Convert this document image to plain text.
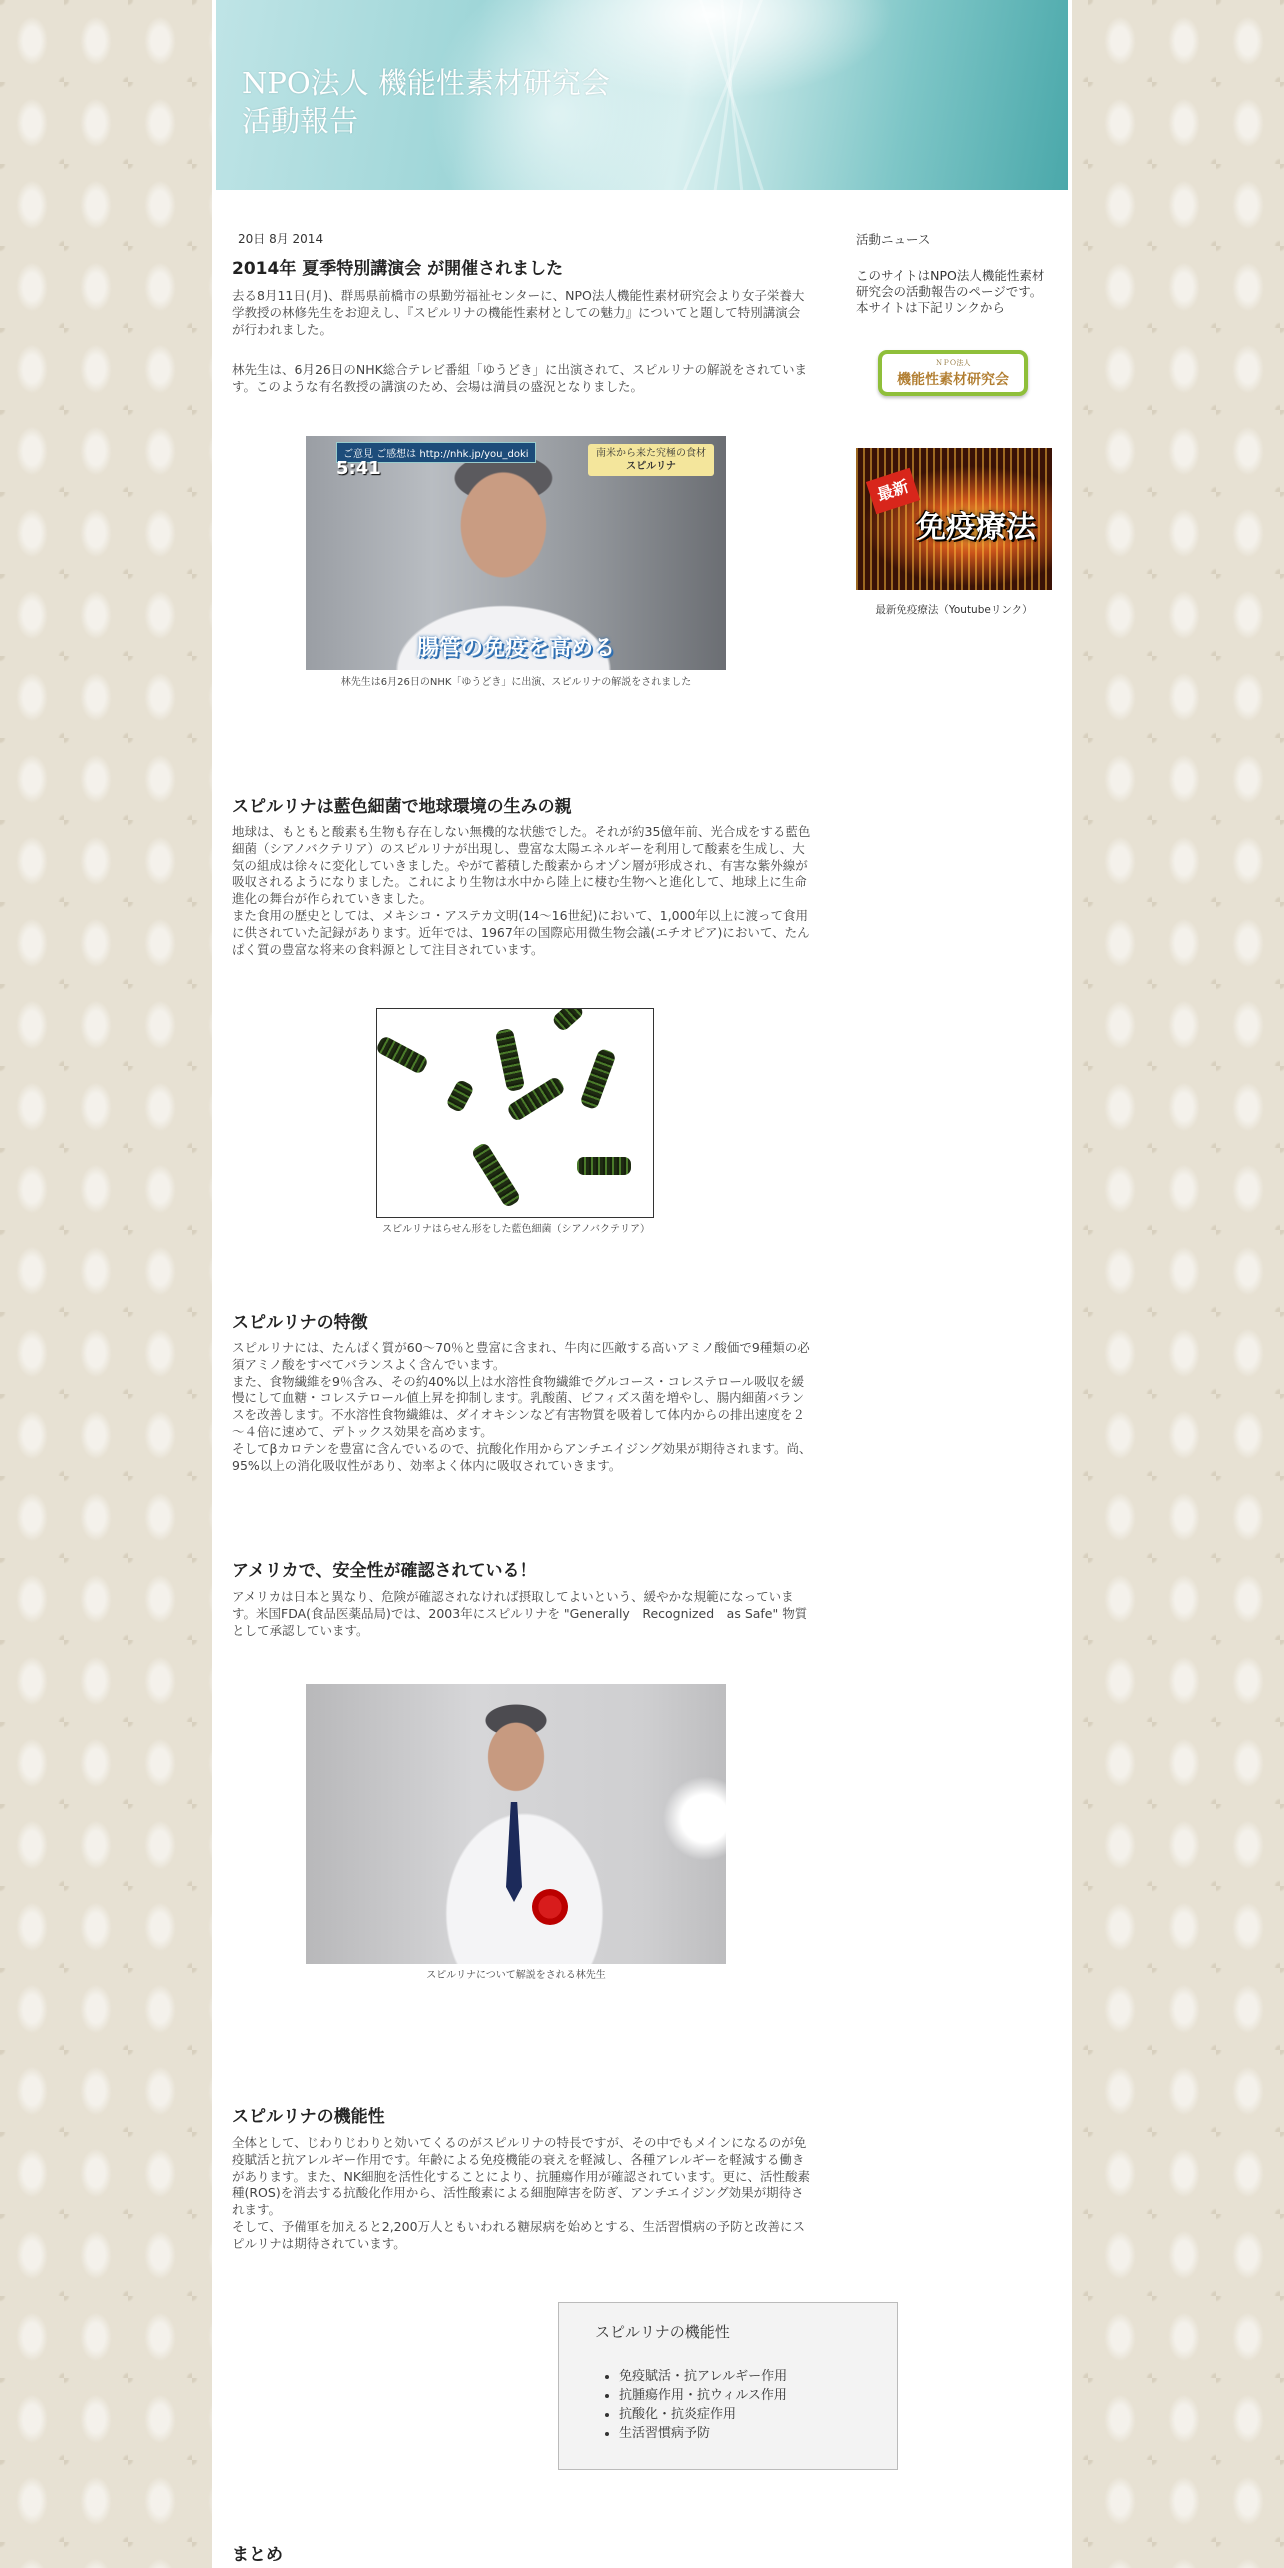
NPO法人 機能性素材研究会
活動報告
20日 8月 2014
2014年 夏季特別講演会 が開催されました
去る8月11日(月)、群馬県前橋市の県勤労福祉センターに、NPO法人機能性素材研究会より女子栄養大学教授の林修先生をお迎えし、『スピルリナの機能性素材としての魅力』についてと題して特別講演会が行われました。
林先生は、6月26日のNHK総合テレビ番組「ゆうどき」に出演されて、スピルリナの解説をされています。このような有名教授の講演のため、会場は満員の盛況となりました。
ご意見 ご感想は http://nhk.jp/you_doki
5:41
南米から来た究極の食材
スピルリナ
腸管の免疫を高める
林先生は6月26日のNHK「ゆうどき」に出演、スピルリナの解説をされました
スピルリナは藍色細菌で地球環境の生みの親
地球は、もともと酸素も生物も存在しない無機的な状態でした。それが約35億年前、光合成をする藍色細菌（シアノバクテリア）のスピルリナが出現し、豊富な太陽エネルギーを利用して酸素を生成し、大気の組成は徐々に変化していきました。やがて蓄積した酸素からオゾン層が形成され、有害な紫外線が吸収されるようになりました。これにより生物は水中から陸上に棲む生物へと進化して、地球上に生命進化の舞台が作られていきました。
また食用の歴史としては、メキシコ・アステカ文明(14～16世紀)において、1,000年以上に渡って食用に供されていた記録があります。近年では、1967年の国際応用微生物会議(エチオピア)において、たんぱく質の豊富な将来の食料源として注目されています。
スピルリナはらせん形をした藍色細菌（シアノバクテリア）
スピルリナの特徴
スピルリナには、たんぱく質が60～70％と豊富に含まれ、牛肉に匹敵する高いアミノ酸価で9種類の必須アミノ酸をすべてバランスよく含んでいます。
また、食物繊維を9％含み、その約40%以上は水溶性食物繊維でグルコース・コレステロール吸収を緩慢にして血糖・コレステロール値上昇を抑制します。乳酸菌、ビフィズス菌を増やし、腸内細菌バランスを改善します。不水溶性食物繊維は、ダイオキシンなど有害物質を吸着して体内からの排出速度を２～４倍に速めて、デトックス効果を高めます。
そしてβカロテンを豊富に含んでいるので、抗酸化作用からアンチエイジング効果が期待されます。尚、95%以上の消化吸収性があり、効率よく体内に吸収されていきます。
アメリカで、安全性が確認されている！
アメリカは日本と異なり、危険が確認されなければ摂取してよいという、緩やかな規範になっています。米国FDA(食品医薬品局)では、2003年にスピルリナを "Generally　Recognized　as Safe" 物質として承認しています。
スピルリナについて解説をされる林先生
スピルリナの機能性
全体として、じわりじわりと効いてくるのがスピルリナの特長ですが、その中でもメインになるのが免疫賦活と抗アレルギー作用です。年齢による免疫機能の衰えを軽減し、各種アレルギーを軽減する働きがあります。また、NK細胞を活性化することにより、抗腫瘍作用が確認されています。更に、活性酸素種(ROS)を消去する抗酸化作用から、活性酸素による細胞障害を防ぎ、アンチエイジング効果が期待されます。
そして、予備軍を加えると2,200万人ともいわれる糖尿病を始めとする、生活習慣病の予防と改善にスピルリナは期待されています。
スピルリナの機能性
• 免疫賦活・抗アレルギー作用
• 抗腫瘍作用・抗ウィルス作用
• 抗酸化・抗炎症作用
• 生活習慣病予防
まとめ
活動ニュース
このサイトはNPO法人機能性素材研究会の活動報告のページです。
本サイトは下記リンクから
ＮＰＯ法人
機能性素材研究会
最新
免疫療法
最新免疫療法（Youtubeリンク）
